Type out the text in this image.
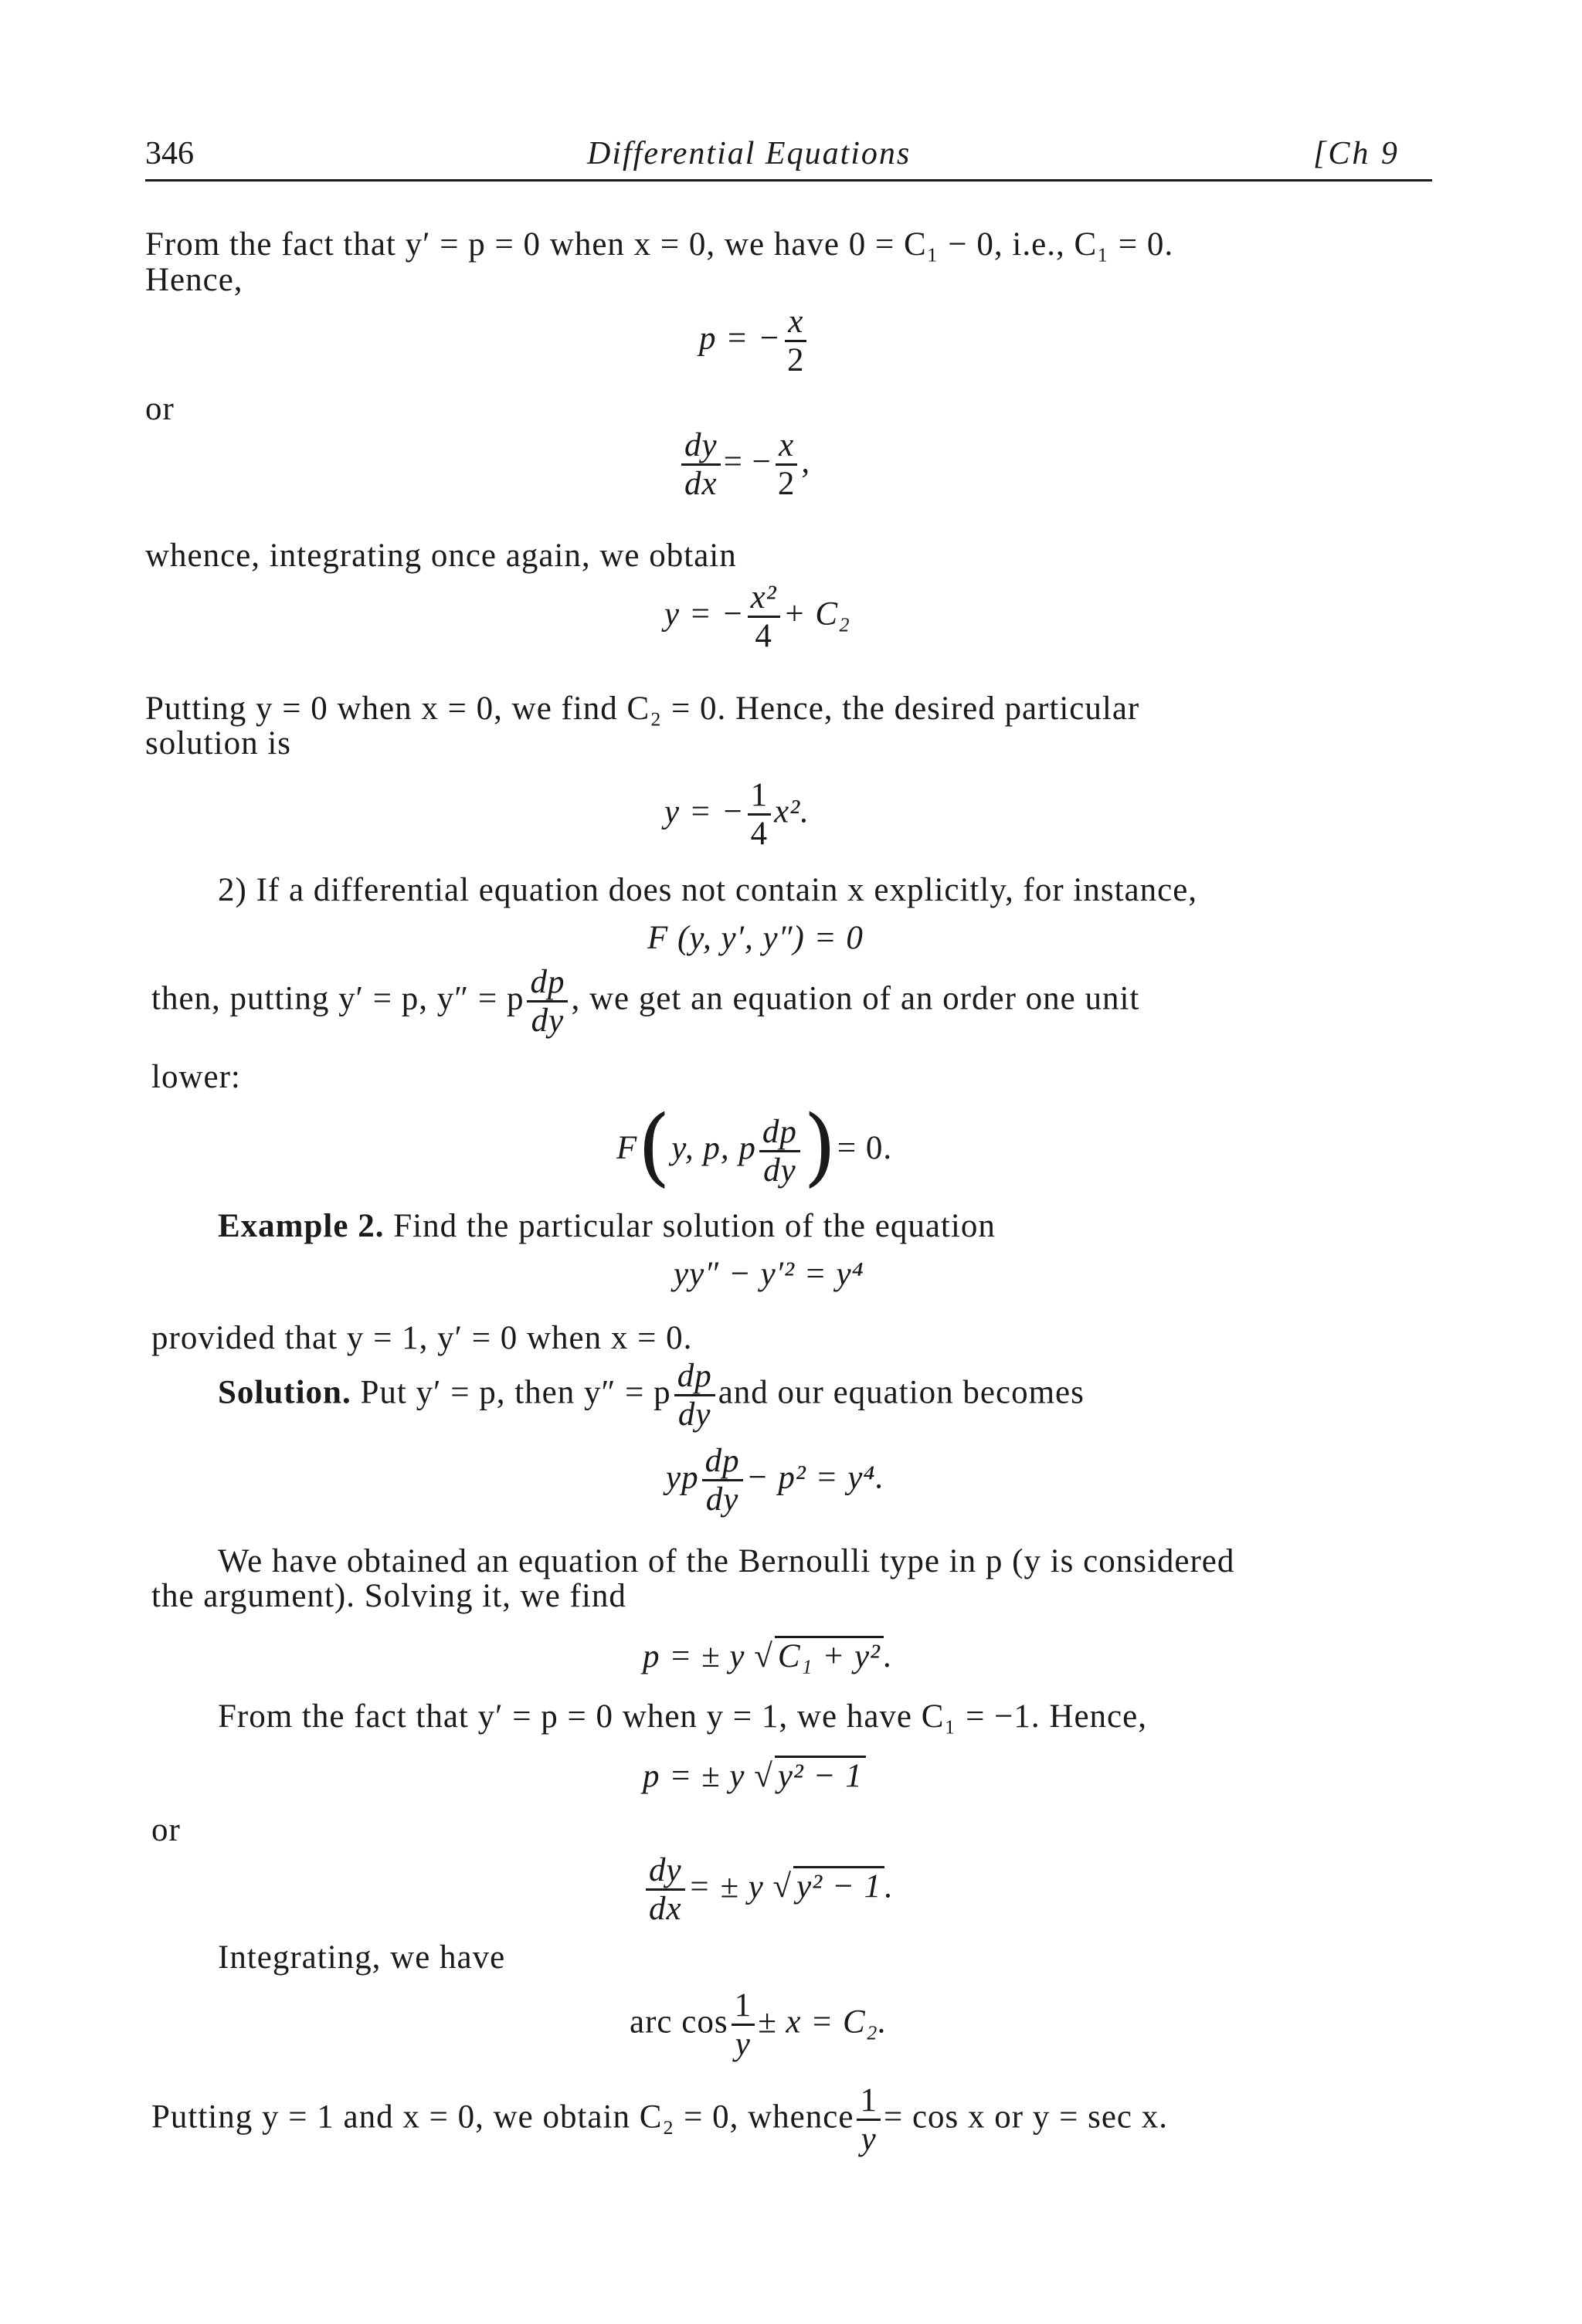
346	Differential Equations	[Ch 9
From the fact that y′ = p = 0 when x = 0, we have 0 = C₁ − 0, i.e., C₁ = 0.
Hence,
p = − $\frac{x}{2}$
or
$\frac{dy}{dx}$ = − $\frac{x}{2}$ ,
whence, integrating once again, we obtain
y = − $\frac{\text{x²}}{4} + C_2$
Putting y = 0 when x = 0, we find C₂ = 0. Hence, the desired particular
solution is
y = − $\frac{1}{4} x^2$.
2) If a differential equation does not contain x explicitly, for instance,
F (y, y′, y″) = 0
then, putting y′ = p, y″ = p $\frac{dp}{dy}$ , we get an equation of an order one unit
lower:
F(y, p, p $\frac{dp}{dy}$ )= 0.
Example 2. Find the particular solution of the equation
yy″ − y′² = y⁴
provided that y = 1, y′ = 0 when x = 0.
Solution. Put y′ = p, then y″ = p $\frac{dp}{dy}$ and our equation becomes
yp $\frac{dp}{dy} - p^2 = y^4$.
We have obtained an equation of the Bernoulli type in p (y is considered
the argument). Solving it, we find
p = ± y √ C₁ + y².
From the fact that y′ = p = 0 when y = 1, we have C₁ = −1. Hence,
p = ± y √ y² − 1
or
$\frac{dy}{dx}$ = ± y √ y² − 1.
Integrating, we have
arc $\cos \frac{1}{y} \pm x = C_2$.
Putting y = 1 and x = 0, we obtain C₂ = 0, whence $\frac{1}{y} = \cos x$ or y = sec x.
